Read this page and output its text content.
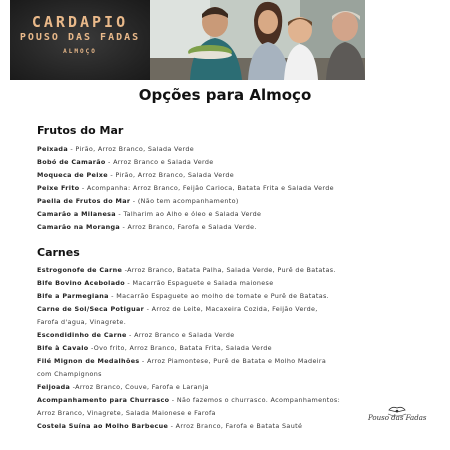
CARDAPIO
POUSO DAS FADAS
ALMOÇO
Opções para Almoço
Frutos do Mar
Peixada - Pirão, Arroz Branco, Salada Verde
Bobó de Camarão - Arroz Branco e Salada Verde
Moqueca de Peixe - Pirão, Arroz Branco, Salada Verde
Peixe Frito - Acompanha: Arroz Branco, Feijão Carioca, Batata Frita e Salada Verde
Paella de Frutos do Mar - (Não tem acompanhamento)
Camarão a Milanesa - Talharim ao Alho e óleo e Salada Verde
Camarão na Moranga - Arroz Branco, Farofa e Salada Verde.
Carnes
Estrogonofe de Carne -Arroz Branco, Batata Palha, Salada Verde, Purê de Batatas.
Bife Bovino Acebolado - Macarrão Espaguete e Salada maionese
Bife a Parmegiana - Macarrão Espaguete ao molho de tomate e Purê de Batatas.
Carne de Sol/Seca Potiguar - Arroz de Leite, Macaxeira Cozida, Feijão Verde,
Farofa d'agua, Vinagrete.
Escondidinho de Carne - Arroz Branco e Salada Verde
Bife à Cavalo -Ovo frito, Arroz Branco, Batata Frita, Salada Verde
Filé Mignon de Medalhões - Arroz Piamontese, Purê de Batata e Molho Madeira
com Champignons
Feijoada -Arroz Branco, Couve, Farofa e Laranja
Acompanhamento para Churrasco - Não fazemos o churrasco. Acompanhamentos:
Arroz Branco, Vinagrete, Salada Maionese e Farofa
Costela Suína ao Molho Barbecue - Arroz Branco, Farofa e Batata Sauté
Pouso das Fadas
